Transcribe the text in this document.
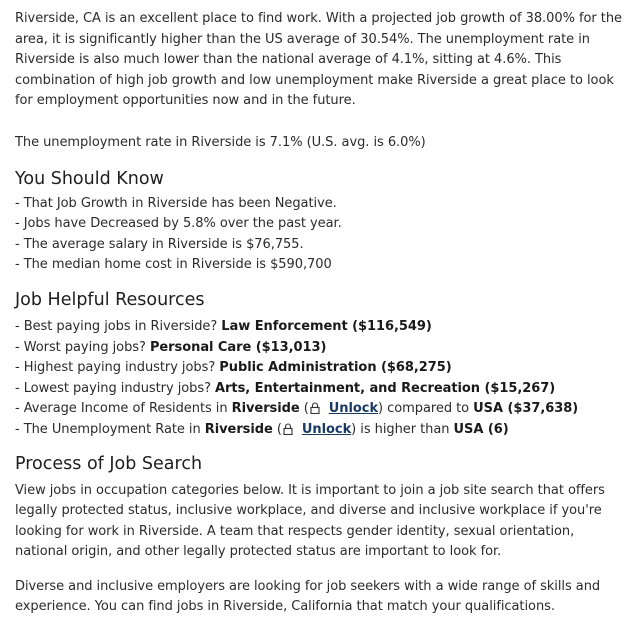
Riverside, CA is an excellent place to find work. With a projected job growth of 38.00% for the area, it is significantly higher than the US average of 30.54%. The unemployment rate in Riverside is also much lower than the national average of 4.1%, sitting at 4.6%. This combination of high job growth and low unemployment make Riverside a great place to look for employment opportunities now and in the future.

The unemployment rate in Riverside is 7.1% (U.S. avg. is 6.0%)

You Should Know
- That Job Growth in Riverside has been Negative.
- Jobs have Decreased by 5.8% over the past year.
- The average salary in Riverside is $76,755.
- The median home cost in Riverside is $590,700
Job Helpful Resources
- Best paying jobs in Riverside? Law Enforcement ($116,549)
- Worst paying jobs? Personal Care ($13,013)
- Highest paying industry jobs? Public Administration ($68,275)
- Lowest paying industry jobs? Arts, Entertainment, and Recreation ($15,267)
- Average Income of Residents in Riverside ( Unlock) compared to USA ($37,638)
- The Unemployment Rate in Riverside ( Unlock) is higher than USA (6)
Process of Job Search

View jobs in occupation categories below. It is important to join a job site search that offers legally protected status, inclusive workplace, and diverse and inclusive workplace if you're looking for work in Riverside. A team that respects gender identity, sexual orientation, national origin, and other legally protected status are important to look for.

Diverse and inclusive employers are looking for job seekers with a wide range of skills and experience. You can find jobs in Riverside, California that match your qualifications.
